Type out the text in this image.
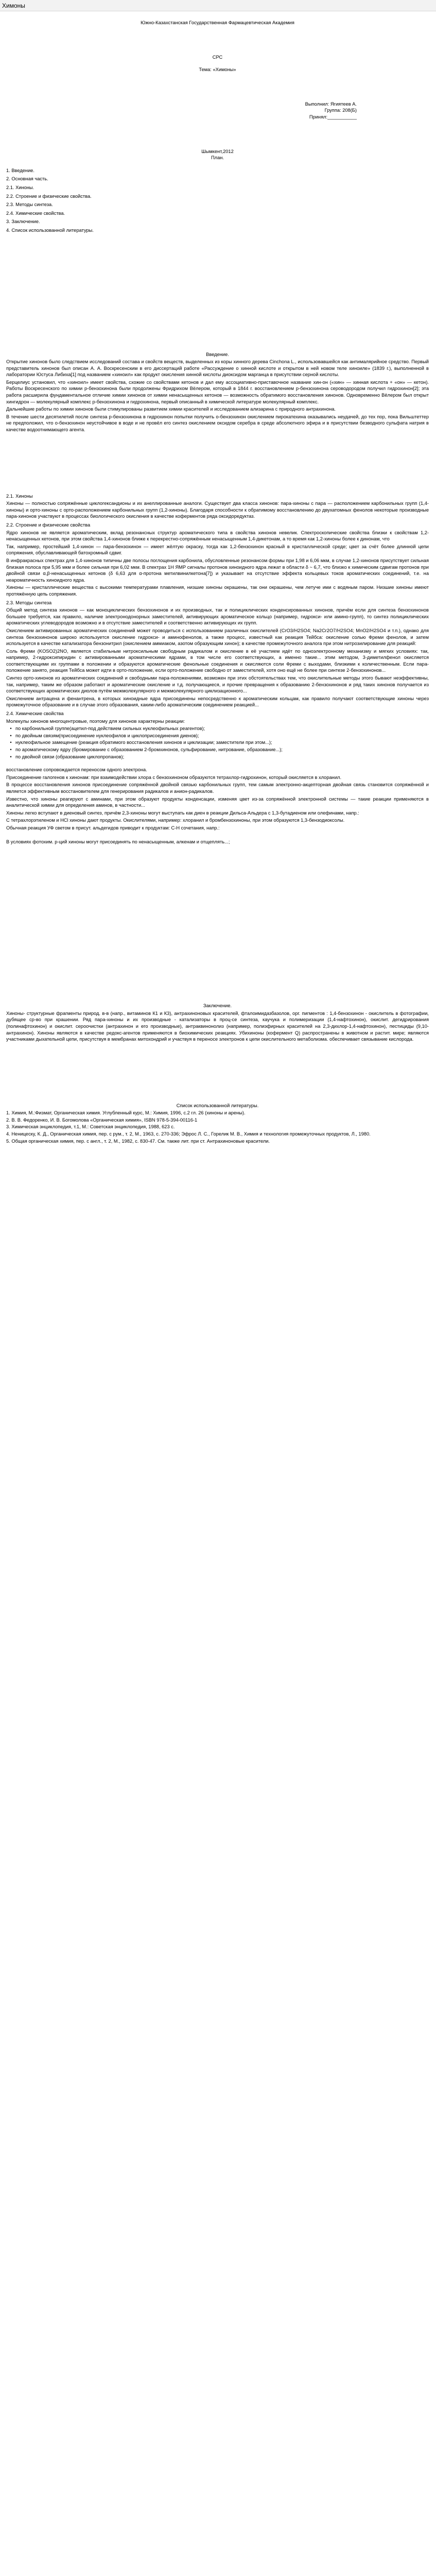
Химоны
Южно-Казахстанская Государственная Фармацевтическая Академия
СРС
Тема: «Химоны»
Выполнил: Ягиятеев А.
Группа: 208(Б)
Принял:___________
Шымкент,2012
План.
1. Введение.
2. Основная часть.
2.1. Хиноны.
2.2. Строение и физические свойства.
2.3. Методы синтеза.
2.4. Химические свойства.
3. Заключение.
4. Список использованной литературы.
Введение.

Открытие хинонов было следствием исследований состава и свойств веществ, выделенных из коры хинного дерева Cinchona L., использовавшейся как антималярийное средство. Первый представитель хинонов был описан А. А. Воскресенским в его диссертаций работе «Рассуждение о хинной кислоте и открытом в ней новом теле хиноиле» (1839 г.), выполненной в лаборатории Юстуса Либиха[1] под названием «хиноил» как продукт окисления хинной кислоты диоксидом марганца в присутствии серной кислоты.

Берцелиус установил, что «хиноил» имеет свойства, схожие со свойствами кетонов и дал ему ассоциативно-приставочное название хин-он («хин» — хинная кислота + «он» — кетон). Работы Воскресенского по химии р-бензохинона были продолжены Фридрихом Вёлером, который в 1844 г. восстановлением р-бензохинона сероводородом получил гидрохинон[2]; эта работа расширила фундаментальное отличие химии хинонов от химии ненасыщенных кетонов — возможность обратимого восстановления хинонов. Одновременно Вёлером был открыт хингидрон — молекулярный комплекс р-бензохинона и гидрохинона, первый описанный в химической литературе молекулярный комплекс.

Дальнейшие работы по химии хинонов были стимулированы развитием химии красителей и исследованием ализарина с природного антрахинона.

В течение шести десятилетий после синтеза р-бензохинона в гидрохинон попытки получить о-бензохинон окислением пирокатехина оказывались неудачей, до тех пор, пока Вильштеттер не предположил, что о-бензохинон неустойчивое в воде и не провёл его синтез окислением оксидом серебра в среде абсолютного эфира и в присутствии безводного сульфата натрия в качестве водоотнимающего агента.

2.1. Хиноны

Хиноны — полностью сопряжённые циклогександионы и их анеллированные аналоги. Существует два класса хинонов: пара-хиноны с пара — расположением карбонильных групп (1,4-хиноны) и орто-хиноны с орто-расположением карбонильных групп (1,2-хиноны). Благодаря способности к обратимому восстановлению до двухатомных фенолов некоторые производные пара-хинонов участвуют в процессах биологического окисления в качестве коферментов ряда оксидоредуктаз.

2.2. Строение и физические свойства

Ядро хинонов не является ароматическим, вклад резонансных структур ароматического типа в свойства хинонов невелик. Спектроскопические свойства близки к свойствам 1,2-ненасыщенных кетонов, при этом свойства 1,4-хинонов ближе к перекрестно-сопряжённым ненасыщенным 1,4-дикетонам, а то время как 1,2-хиноны более к динонам, что

Так, например, простейший 1,4-хинон — пара-бензохинон — имеет жёлтую окраску, тогда как 1,2-бензохинон красный в кристаллической среде; цвет за счёт более длинной цепи сопряжения, обуславливающей батохромный сдвиг.

В инфракрасных спектрах для 1,4-хинонов типичны две полосы поглощения карбонила, обусловленные резонансом формы при 1,98 и 6,06 мкм, в случае 1,2-хинонов присутствует сильная близкая полоса при 5,95 мкм и более сильная при 6,02 мкм. В спектрах 1H ЯМР сигналы протонов хиноидного ядра лежат в области δ ~ 6,7, что близко к химическим сдвигам протонов при двойной связи α,β-ненасыщенных кетонов (δ 6,63 для α-протона метилвинилкетона[7]) и указывает на отсутствие эффекта кольцевых токов ароматических соединений, т.е. на неароматичность хиноидного ядра.

Хиноны — кристаллические вещества с высокими температурами плавления, низшие хиноны окрашены, так они окрашены, чем летуче ими с водяным паром. Низшие хиноны имеют протяжённую цепь сопряжения.

2.3. Методы синтеза

Общий метод синтеза хинонов — как моноциклических бензохинонов и их производных, так и полициклических конденсированных хинонов, причём если для синтеза бензохинонов большее требуется, как правило, наличие электронодонорных заместителей, активирующих ароматическое кольцо (например, гидрокси- или амино-групп), то синтез полициклических ароматических углеводородов возможно и в отсутствие заместителей и соответственно активирующих их групп.

Окислением активированных ароматических соединений может проводиться с использованием различных окислителей (CrO3/H2SO4; Na2Cr2O7/H2SO4; MnO2/H2SO4 и т.п.), однако для синтеза бензохинонов широко используется окисление гидрокси- и аминофенолов, а также процесс, известный как реакция Тейбса: окисление солью Фреми фенолов, и затем используется в качестве катализатора бензонитрил (окислением аммиаком, азотом образующим хинон); в качестве промежуточного аналога при этом нитрозилирование для реакций:

Соль Фреми (KOSO2)2NO, является стабильным нитроксильным свободным радикалом и окисление в её участием идёт по одноэлектронному механизму и мягких условиях: так, например, 2-гидроксипиридин с активированными ароматическими ядрами, в том числе его соответствующих, а именно такие... этим методом, 3-диметилфенол окисляется соответствующими их группами в положении и образуются ароматические фенольные соединения и окисляются соли Фреми с выходами, близкими к количественным. Если пара-положение занято, реакция Тейбса может идти в орто-положение, если орто-положение свободно от заместителей, хотя оно ещё не более при синтезе 2-бензохинонов...

Синтез орто-хинонов из ароматических соединений и свободными пара-положениями, возможен при этих обстоятельствах тем, что окислительные методы этого бывают неэффективны, так, например, таким же образом работают и ароматические окисление и т.д. получающиеся, и прочие превращения к образованию 2-бензохинонов и ряд таких хинонов получается из соответствующих ароматических диолов путём межмолекулярного и межмолекулярного циклизационного...

Окислением антрацена и фенантрена, в которых хиноидные ядра присоединены непосредственно к ароматическим кольцам, как правило получают соответствующие хиноны через промежуточное образование и в случае этого образования, каким-либо ароматическим соединением реакцией...

2.4. Химические свойства

Молекулы хинонов многоцентровые, поэтому для хинонов характерны реакции:

• по карбонильной группе(ацетил-под действием сильных нуклеофильных реагентов);
• по двойным связям(присоединение нуклеофилов и циклоприсоединения диенов);
• нуклеофильное замещение (реакция обратимого восстановления хинонов и циклизации; заместители при этом...);
• по ароматическому ядру (бромирование с образованием 2-бромхинонов, сульфирование, нитрование, образование...);
• по двойной связи (образование циклопропанов);

восстановление сопровождается переносом одного электрона.

Присоединение галогенов к хинонам: при взаимодействии хлора с бензохиноном образуются тетрахлор-гидрохинон, который окисляется в хлоранил.

В процессе восстановления хинонов присоединение сопряжённой двойной связью карбонильных групп, тем самым электронно-акцепторная двойная связь становится сопряжённой и является эффективным восстановителем для генерирования радикалов и анион-радикалов.

Известно, что хиноны реагируют с аминами, при этом образуют продукты конденсации, изменяя цвет из-за сопряжённой электронной системы — такие реакции применяются в аналитической химии для определения аминов, в частности...

Хиноны легко вступают в диеновый синтез, причём 2,3-хиноны могут выступать как диен в реакции Дильса-Альдера с 1,3-бутадиеном или олефинами, напр.:

С тетрахлорэтиленом и НСl хиноны дают продукты. Окислителями, например: хлоранил и бромбензохиноны, при этом образуются 1,3-бензодиоксолы.

Обычная реакция УФ светом в присут. альдегидов приводит к продуктам: С-H сочетания, напр.:

В условиях фотохим. р-ций хиноны могут присоединять по ненасыщенным, алкенам и отщеплять...;

Заключение.

Хиноны- структурные фрагменты природ. в-в (напр., витаминов К1 и К3), антрахиноновых красителей, фталоимидазбазолов, орг. пигментов : 1,4-бензохинон - окислитель в фотографии, дубящее ср-во при крашении. Ряд пара-хиноны и их производные - катализаторы в проц-се синтеза, каучука и полимеризации (1,4-нафтохинон), окислит. дегидрирования (полинафтохинон) и окислит. сероочистки (антрахинон и его производные), антраквинонолиз (например, полиэфирных красителей на 2,3-дихлор-1,4-нафтохинон), пестициды (9,10-антрахинон). Хиноны являются в качестве редокс-агентов применяются в биохимических реакциях. Убихиноны (кофермент Q) распространены в животном и растит. мире; являются участниками дыхательной цепи, присутствуя в мембранах митохондрий и участвуя в переносе электронов к цепи окислительного метаболизма. обеспечивает связывание кислорода.

Список использованной литературы.
1. Химия, М.:Физмат, Органическая химия. Углубленный курс, М.: Химия, 1996, с.2 гл. 26 (хиноны и арены).
2. В. В. Федоренко, И. В. Богомолова «Органическая химия», ISBN 978-5-394-00116-1
3. Химическая энциклопедия, т.1, М.: Советская энциклопедия, 1988, 623 с.
4. Неницеску, К. Д., Органическая химия, пер. с рум., т. 2, М., 1963, с. 270-336; Эфрос Л. С., Горелик М. В., Химия и технология промежуточных продуктов, Л., 1980.
5. Общая органическая химия, пер. с англ., т. 2, М., 1982, с. 830-47. См. также лит. при ст. Антрахиноновые красители.
